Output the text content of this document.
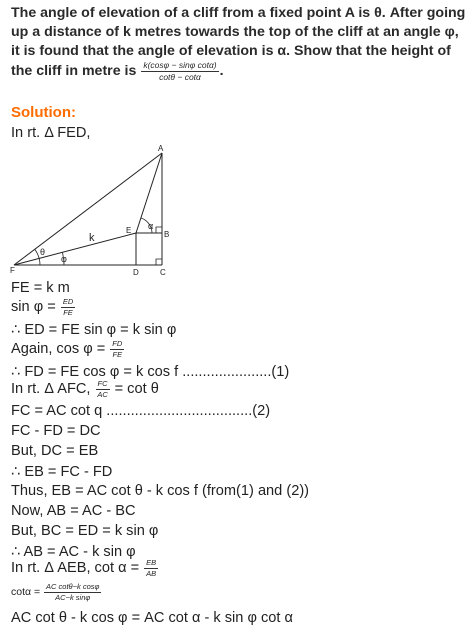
The angle of elevation of a cliff from a fixed point A is θ. After going up a distance of k metres towards the top of the cliff at an angle φ, it is found that the angle of elevation is α. Show that the height of the cliff in metre is $\frac{\text{k(cosφ − sinφ cotα)}}{\cot\theta - \cot\alpha}$ .
Solution:
In rt. Δ FED,
A
B
C
D
E
F
k
θ
φ
α
FE = k m
$\sin \varphi = \frac{ED}{FE}$
∴ ED = FE sin φ = k sin φ
Again, $\cos \varphi = \frac{FD}{FE}$
∴ FD = FE cos φ = k cos f ......................(1)
In rt. Δ AFC, $\frac{FC}{AC} = \cot \theta$
FC = AC cot q ....................................(2)
FC - FD = DC
But, DC = EB
∴ EB = FC - FD
Thus, EB = AC cot θ - k cos f (from(1) and (2))
Now, AB = AC - BC
But, BC = ED = k sin φ
∴ AB = AC - k sin φ
In rt. Δ AEB, $\cot \alpha = \frac{EB}{AB}$
$\cot\alpha = \frac{\text{AC cotθ−k cosφ}}{\text{AC−k sinφ}}$
AC cot θ - k cos φ = AC cot α - k sin φ cot α
